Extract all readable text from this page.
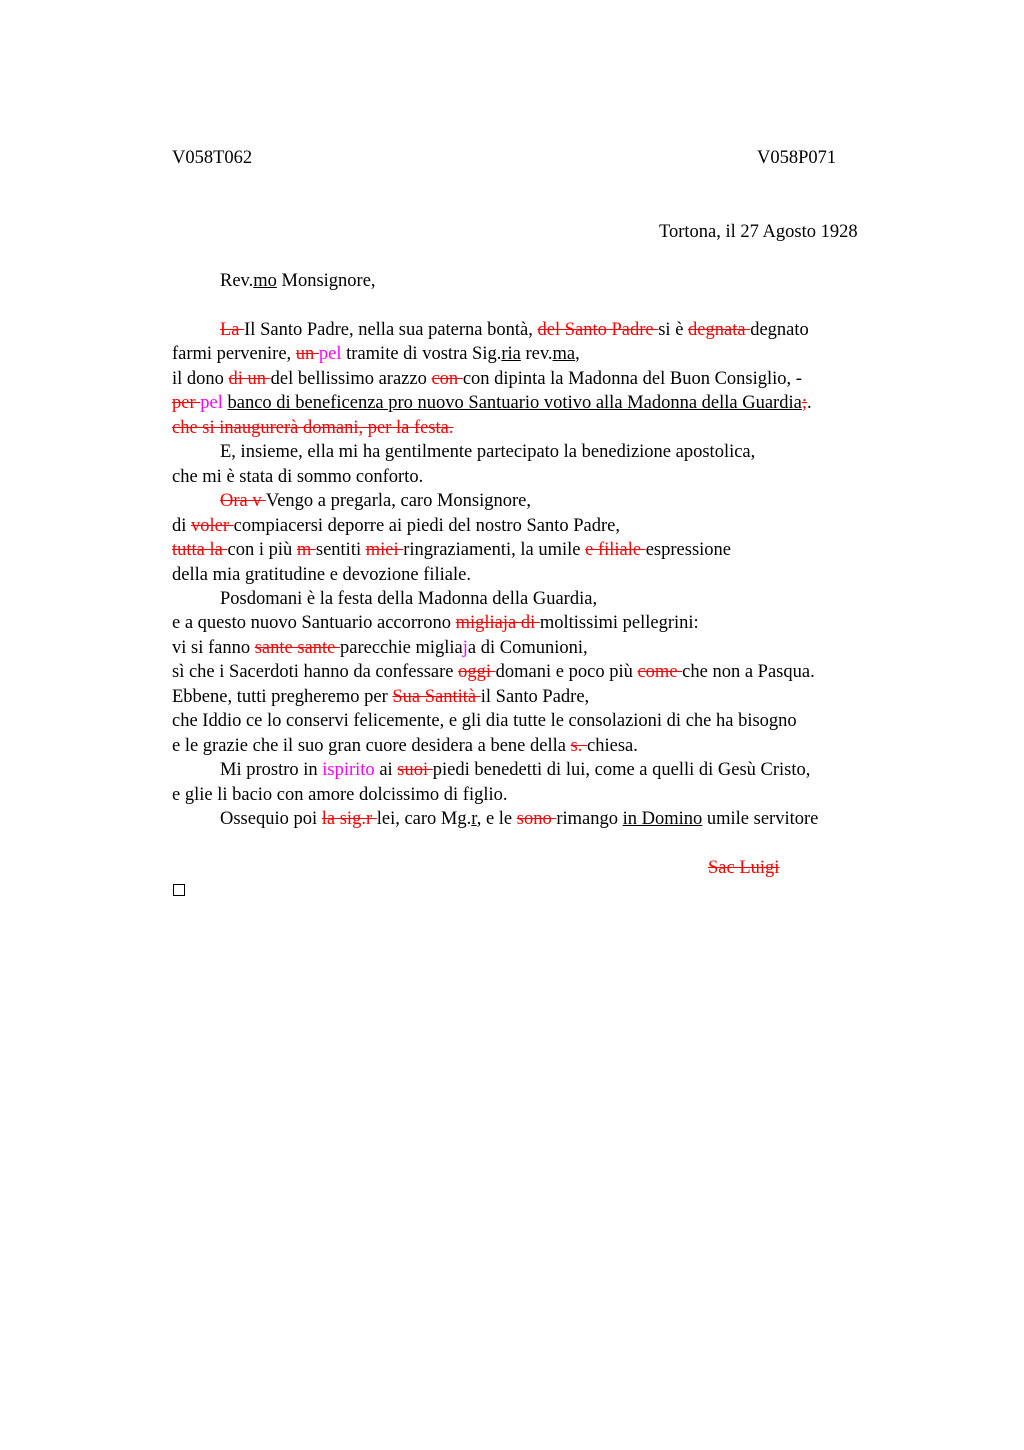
V058T062	V058P071
Tortona, il 27 Agosto 1928
Rev.mo Monsignore,
La Il Santo Padre, nella sua paterna bontà, del Santo Padre si è degnata degnato
farmi pervenire, un pel tramite di vostra Sig.ria rev.ma,
il dono di un del bellissimo arazzo con con dipinta la Madonna del Buon Consiglio, -
per pel banco di beneficenza pro nuovo Santuario votivo alla Madonna della Guardia;.
che si inaugurerà domani, per la festa.
E, insieme, ella mi ha gentilmente partecipato la benedizione apostolica,
che mi è stata di sommo conforto.
Ora v Vengo a pregarla, caro Monsignore,
di voler compiacersi deporre ai piedi del nostro Santo Padre,
tutta la con i più m sentiti miei ringraziamenti, la umile e filiale espressione
della mia gratitudine e devozione filiale.
Posdomani è la festa della Madonna della Guardia,
e a questo nuovo Santuario accorrono migliaja di moltissimi pellegrini:
vi si fanno sante sante parecchie migliaja di Comunioni,
sì che i Sacerdoti hanno da confessare oggi domani e poco più come che non a Pasqua.
Ebbene, tutti pregheremo per Sua Santità il Santo Padre,
che Iddio ce lo conservi felicemente, e gli dia tutte le consolazioni di che ha bisogno
e le grazie che il suo gran cuore desidera a bene della s. chiesa.
Mi prostro in ispirito ai suoi piedi benedetti di lui, come a quelli di Gesù Cristo,
e glie li bacio con amore dolcissimo di figlio.
Ossequio poi la sig.r lei, caro Mg.r, e le sono rimango in Domino umile servitore
Sac Luigi
